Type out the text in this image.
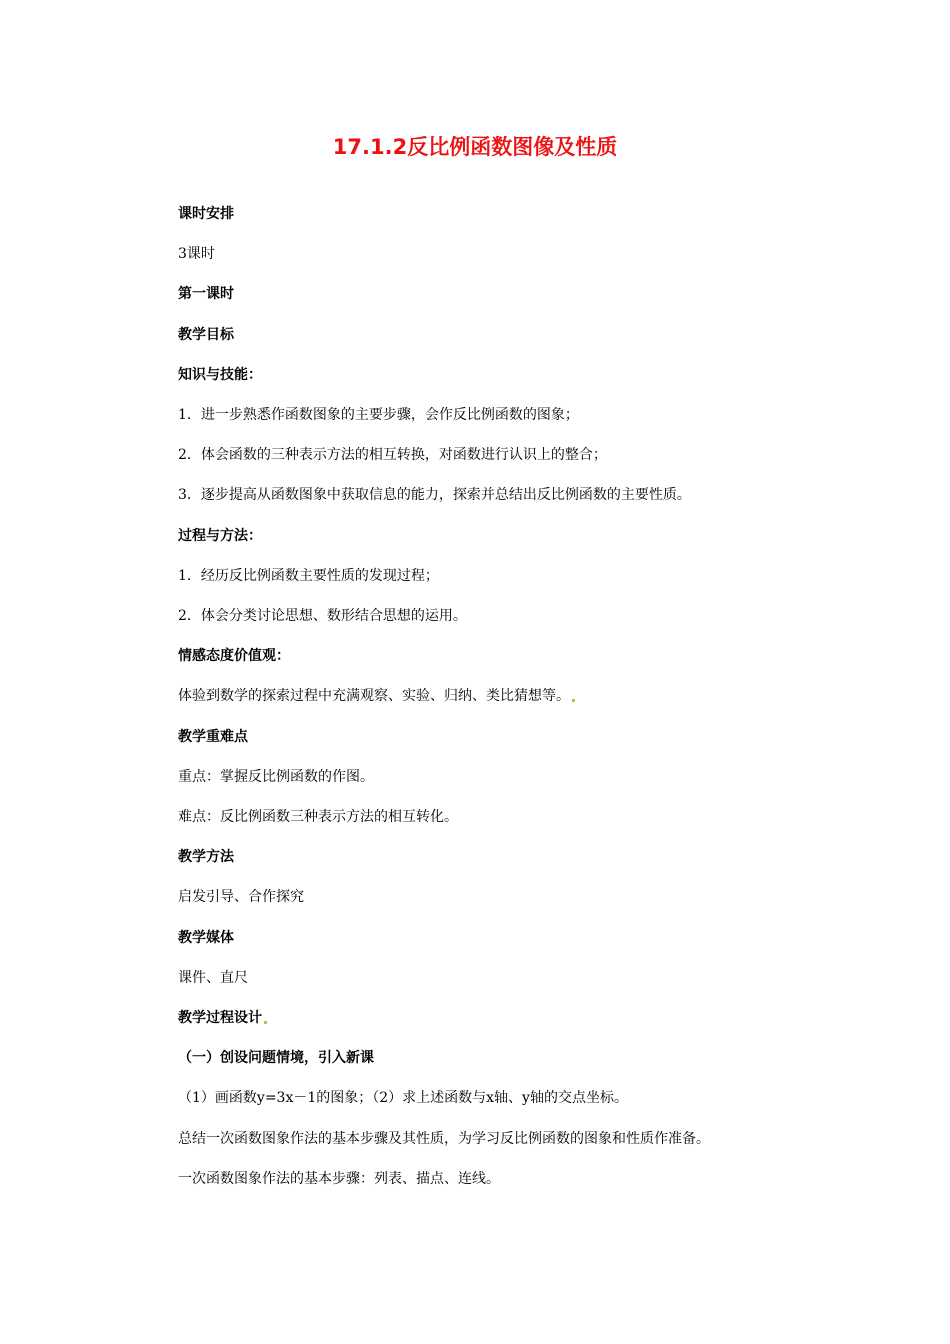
17.1.2反比例函数图像及性质

课时安排

3课时

第一课时

教学目标

知识与技能：

1．进一步熟悉作函数图象的主要步骤，会作反比例函数的图象；

2．体会函数的三种表示方法的相互转换，对函数进行认识上的整合；

3．逐步提高从函数图象中获取信息的能力，探索并总结出反比例函数的主要性质。

过程与方法：

1．经历反比例函数主要性质的发现过程；

2．体会分类讨论思想、数形结合思想的运用。

情感态度价值观：

体验到数学的探索过程中充满观察、实验、归纳、类比猜想等。

教学重难点

重点：掌握反比例函数的作图。

难点：反比例函数三种表示方法的相互转化。

教学方法

启发引导、合作探究

教学媒体

课件、直尺

教学过程设计

（一）创设问题情境，引入新课

（1）画函数y=3x－1的图象；（2）求上述函数与x轴、y轴的交点坐标。

总结一次函数图象作法的基本步骤及其性质，为学习反比例函数的图象和性质作准备。

一次函数图象作法的基本步骤：列表、描点、连线。
